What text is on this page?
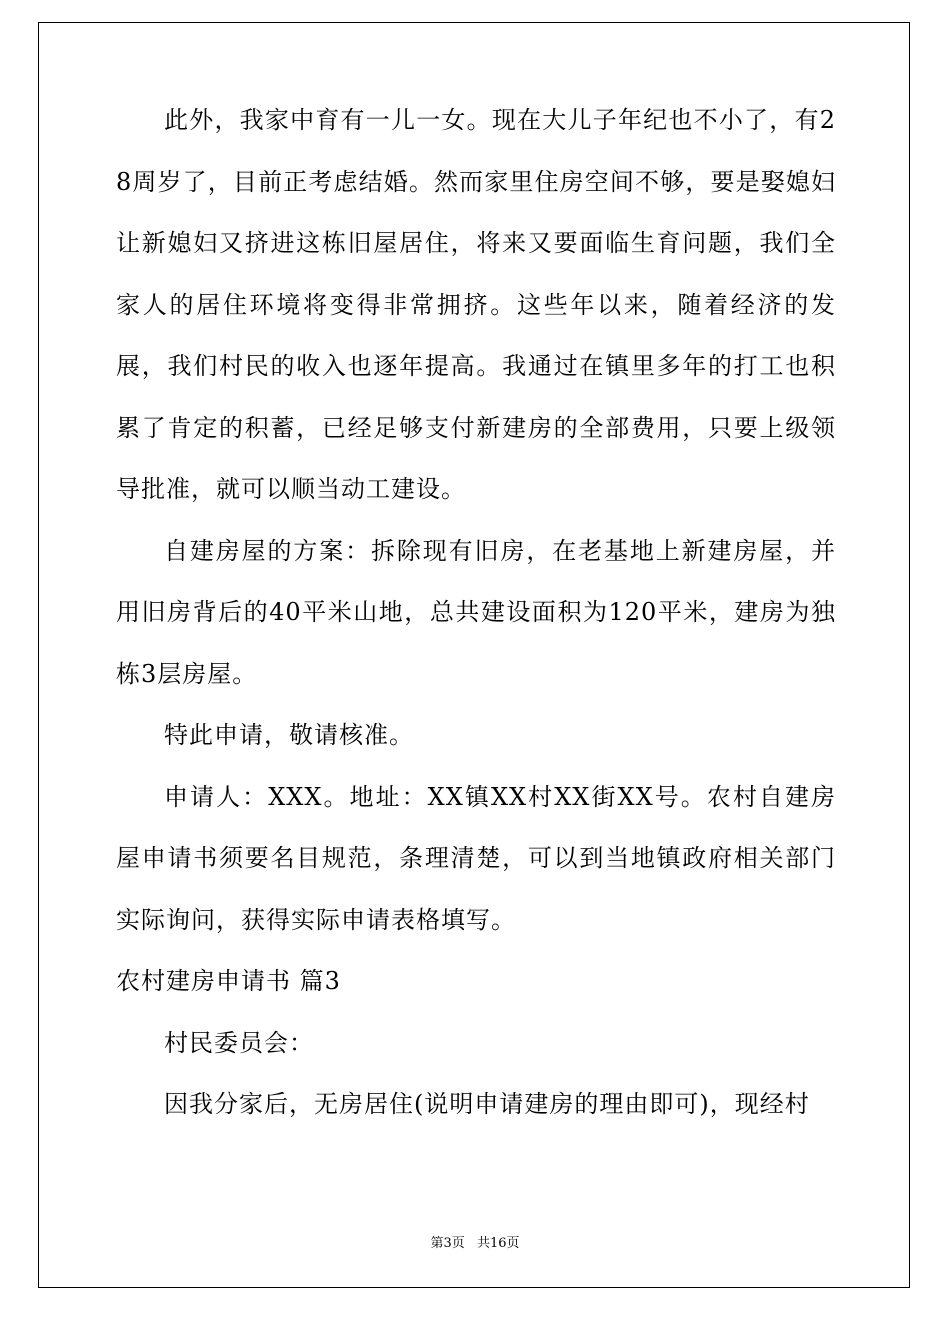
此外，我家中育有一儿一女。现在大儿子年纪也不小了，有28周岁了，目前正考虑结婚。然而家里住房空间不够，要是娶媳妇让新媳妇又挤进这栋旧屋居住，将来又要面临生育问题，我们全家人的居住环境将变得非常拥挤。这些年以来，随着经济的发展，我们村民的收入也逐年提高。我通过在镇里多年的打工也积累了肯定的积蓄，已经足够支付新建房的全部费用，只要上级领导批准，就可以顺当动工建设。

自建房屋的方案：拆除现有旧房，在老基地上新建房屋，并用旧房背后的40平米山地，总共建设面积为120平米，建房为独栋3层房屋。

特此申请，敬请核准。

申请人：XXX。地址：XX镇XX村XX街XX号。农村自建房屋申请书须要名目规范，条理清楚，可以到当地镇政府相关部门实际询问，获得实际申请表格填写。

农村建房申请书 篇3

村民委员会：

因我分家后，无房居住(说明申请建房的理由即可)，现经村

第3页 共16页
